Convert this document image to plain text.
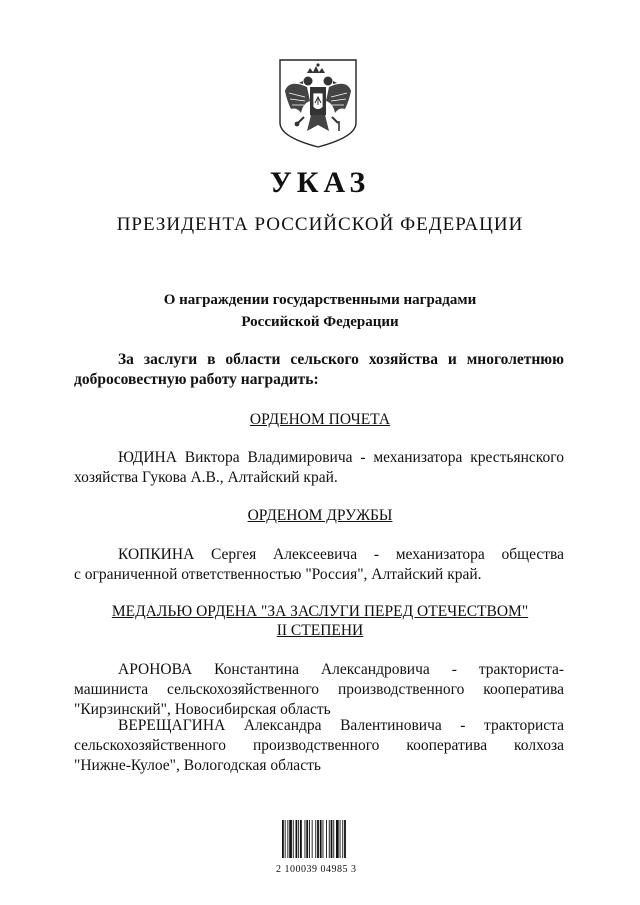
УКАЗ
ПРЕЗИДЕНТА РОССИЙСКОЙ ФЕДЕРАЦИИ
О награждении государственными наградами
Российской Федерации
За заслуги в области сельского хозяйства и многолетнюю
добросовестную работу наградить:
ОРДЕНОМ ПОЧЕТА
ЮДИНА Виктора Владимировича - механизатора крестьянского
хозяйства Гукова А.В., Алтайский край.
ОРДЕНОМ ДРУЖБЫ
КОПКИНА Сергея Алексеевича - механизатора общества
с ограниченной ответственностью "Россия", Алтайский край.
МЕДАЛЬЮ ОРДЕНА "ЗА ЗАСЛУГИ ПЕРЕД ОТЕЧЕСТВОМ"
II СТЕПЕНИ
АРОНОВА Константина Александровича - тракториста-
машиниста сельскохозяйственного производственного кооператива
"Кирзинский", Новосибирская область
ВЕРЕЩАГИНА Александра Валентиновича - тракториста
сельскохозяйственного производственного кооператива колхоза
"Нижне-Кулое", Вологодская область
2 100039 04985 3
